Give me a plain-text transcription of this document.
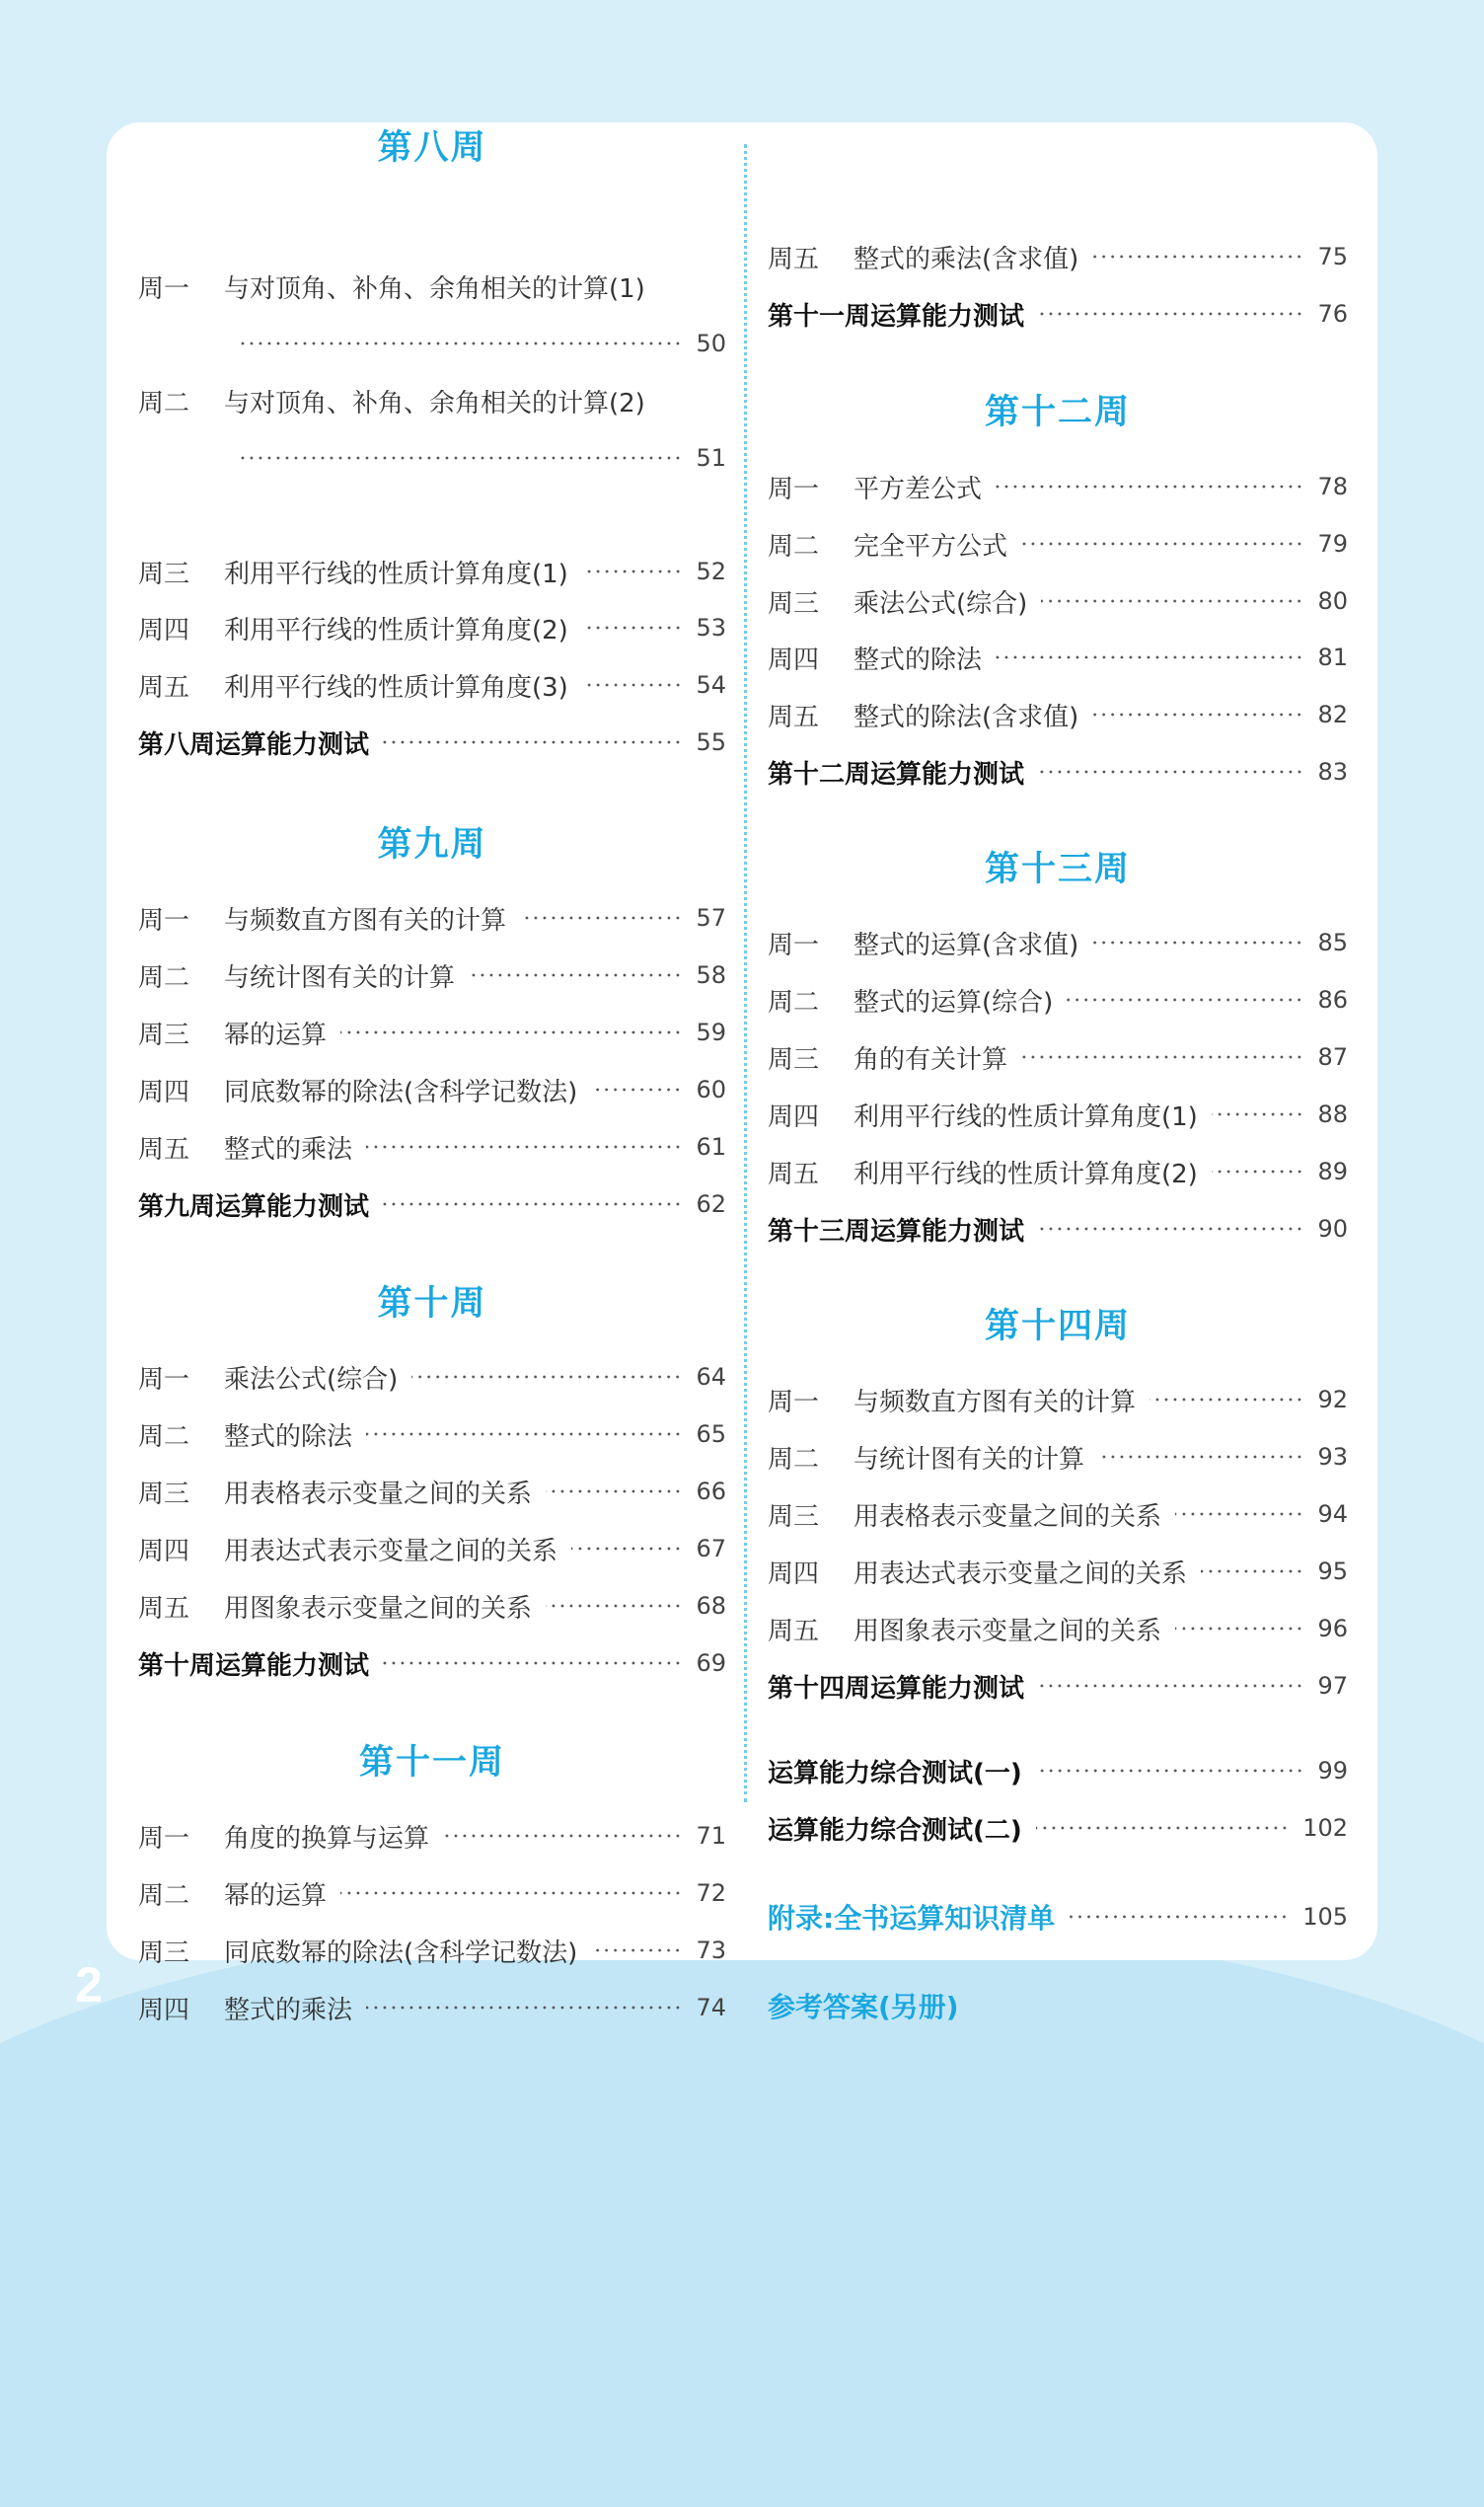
第八周
周一	与对顶角、补角、余角相关的计算(1)
50
周二	与对顶角、补角、余角相关的计算(2)
51
周三	利用平行线的性质计算角度(1)	52
周四	利用平行线的性质计算角度(2)	53
周五	利用平行线的性质计算角度(3)	54
第八周运算能力测试	55
第九周
周一	与频数直方图有关的计算	57
周二	与统计图有关的计算	58
周三	幂的运算	59
周四	同底数幂的除法(含科学记数法)	60
周五	整式的乘法	61
第九周运算能力测试	62
第十周
周一	乘法公式(综合)	64
周二	整式的除法	65
周三	用表格表示变量之间的关系	66
周四	用表达式表示变量之间的关系	67
周五	用图象表示变量之间的关系	68
第十周运算能力测试	69
第十一周
周一	角度的换算与运算	71
周二	幂的运算	72
周三	同底数幂的除法(含科学记数法)	73
周四	整式的乘法	74
周五	整式的乘法(含求值)	75
第十一周运算能力测试	76
第十二周
周一	平方差公式	78
周二	完全平方公式	79
周三	乘法公式(综合)	80
周四	整式的除法	81
周五	整式的除法(含求值)	82
第十二周运算能力测试	83
第十三周
周一	整式的运算(含求值)	85
周二	整式的运算(综合)	86
周三	角的有关计算	87
周四	利用平行线的性质计算角度(1)	88
周五	利用平行线的性质计算角度(2)	89
第十三周运算能力测试	90
第十四周
周一	与频数直方图有关的计算	92
周二	与统计图有关的计算	93
周三	用表格表示变量之间的关系	94
周四	用表达式表示变量之间的关系	95
周五	用图象表示变量之间的关系	96
第十四周运算能力测试	97
运算能力综合测试(一)	99
运算能力综合测试(二)	102
附录:全书运算知识清单	105
参考答案(另册)
2
